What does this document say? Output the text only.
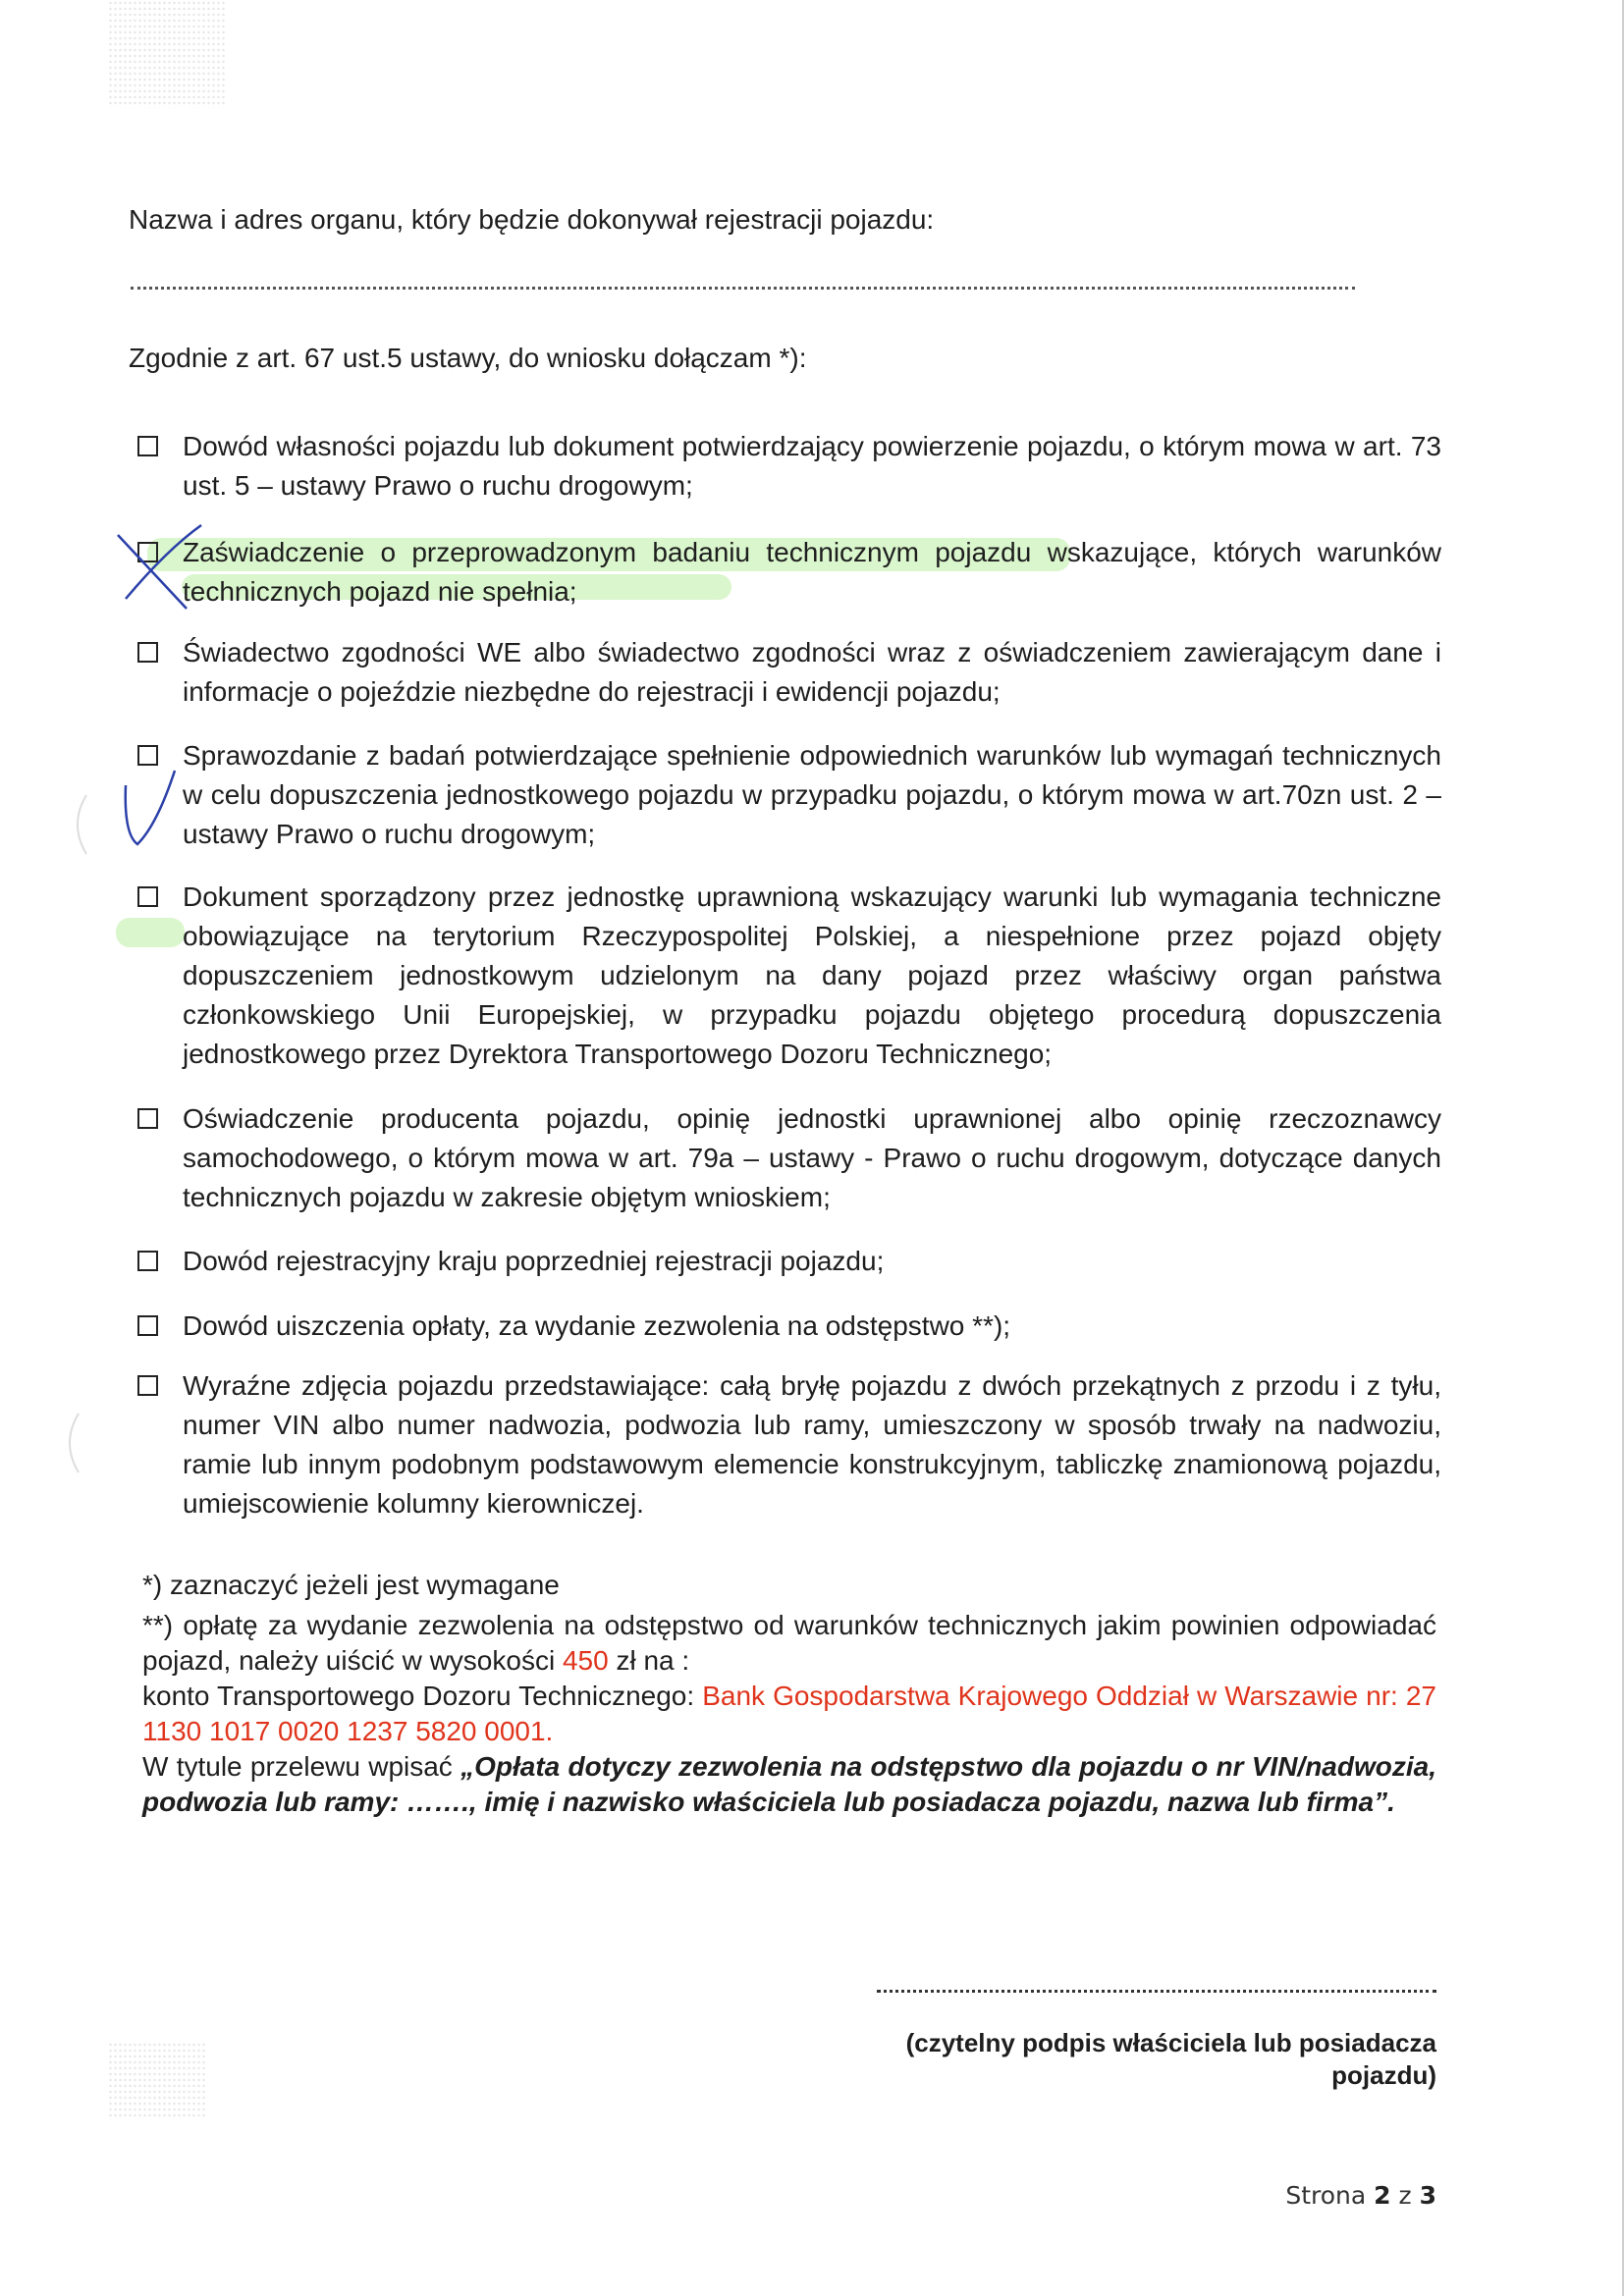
Nazwa i adres organu, który będzie dokonywał rejestracji pojazdu:

Zgodnie z art. 67 ust.5 ustawy, do wniosku dołączam *):

Dowód własności pojazdu lub dokument potwierdzający powierzenie pojazdu, o którym mowa w art. 73 ust. 5 – ustawy Prawo o ruchu drogowym;
Zaświadczenie o przeprowadzonym badaniu technicznym pojazdu wskazujące, których warunków technicznych pojazd nie spełnia;
Świadectwo zgodności WE albo świadectwo zgodności wraz z oświadczeniem zawierającym dane i informacje o pojeździe niezbędne do rejestracji i ewidencji pojazdu;
Sprawozdanie z badań potwierdzające spełnienie odpowiednich warunków lub wymagań technicznych w celu dopuszczenia jednostkowego pojazdu w przypadku pojazdu, o którym mowa w art.70zn ust. 2 – ustawy Prawo o ruchu drogowym;
Dokument sporządzony przez jednostkę uprawnioną wskazujący warunki lub wymagania techniczne obowiązujące na terytorium Rzeczypospolitej Polskiej, a niespełnione przez pojazd objęty dopuszczeniem jednostkowym udzielonym na dany pojazd przez właściwy organ państwa członkowskiego Unii Europejskiej, w przypadku pojazdu objętego procedurą dopuszczenia jednostkowego przez Dyrektora Transportowego Dozoru Technicznego;
Oświadczenie producenta pojazdu, opinię jednostki uprawnionej albo opinię rzeczoznawcy samochodowego, o którym mowa w art. 79a – ustawy - Prawo o ruchu drogowym, dotyczące danych technicznych pojazdu w zakresie objętym wnioskiem;
Dowód rejestracyjny kraju poprzedniej rejestracji pojazdu;
Dowód uiszczenia opłaty, za wydanie zezwolenia na odstępstwo **);
Wyraźne zdjęcia pojazdu przedstawiające: całą bryłę pojazdu z dwóch przekątnych z przodu i z tyłu, numer VIN albo numer nadwozia, podwozia lub ramy, umieszczony w sposób trwały na nadwoziu, ramie lub innym podobnym podstawowym elemencie konstrukcyjnym, tabliczkę znamionową pojazdu, umiejscowienie kolumny kierowniczej.
*) zaznaczyć jeżeli jest wymagane
**) opłatę za wydanie zezwolenia na odstępstwo od warunków technicznych jakim powinien odpowiadać pojazd, należy uiścić w wysokości 450 zł na :
konto Transportowego Dozoru Technicznego: Bank Gospodarstwa Krajowego Oddział w Warszawie nr: 27 1130 1017 0020 1237 5820 0001.
W tytule przelewu wpisać „Opłata dotyczy zezwolenia na odstępstwo dla pojazdu o nr VIN/nadwozia, podwozia lub ramy: ……., imię i nazwisko właściciela lub posiadacza pojazdu, nazwa lub firma”.
(czytelny podpis właściciela lub posiadacza pojazdu)
Strona 2 z 3
